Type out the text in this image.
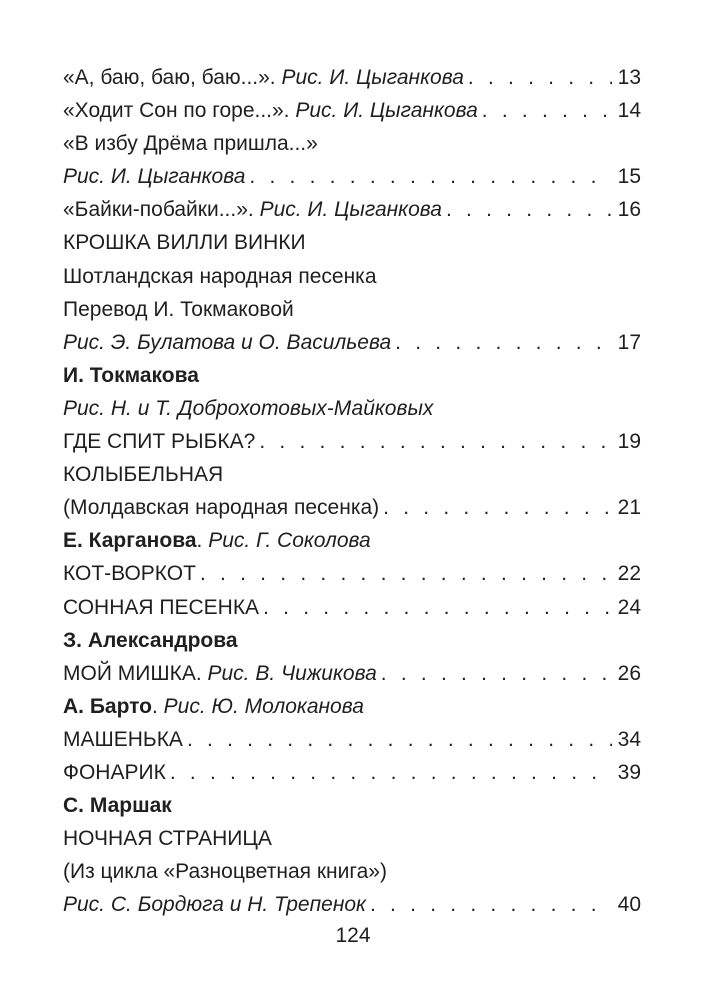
«А, баю, баю, баю...». Рис. И. Цыганкова . . .	13
«Ходит Сон по горе...». Рис. И. Цыганкова . . .	14
«В избу Дрёма пришла...»
Рис. И. Цыганкова . . .	15
«Байки-побайки...». Рис. И. Цыганкова . . .	16
КРОШКА ВИЛЛИ ВИНКИ
Шотландская народная песенка
Перевод И. Токмаковой
Рис. Э. Булатова и О. Васильева . . .	17
И. Токмакова
Рис. Н. и Т. Доброхотовых-Майковых
ГДЕ СПИТ РЫБКА? . . .	19
КОЛЫБЕЛЬНАЯ
(Молдавская народная песенка) . . .	21
Е. Карганова . Рис. Г. Соколова
КОТ-ВОРКОТ . . .	22
СОННАЯ ПЕСЕНКА . . .	24
З. Александрова
МОЙ МИШКА. Рис. В. Чижикова . . .	26
А. Барто . Рис. Ю. Молоканова
МАШЕНЬКА . . .	34
ФОНАРИК . . .	39
С. Маршак
НОЧНАЯ СТРАНИЦА
(Из цикла «Разноцветная книга»)
Рис. С. Бордюга и Н. Трепенок . . .	40
124
